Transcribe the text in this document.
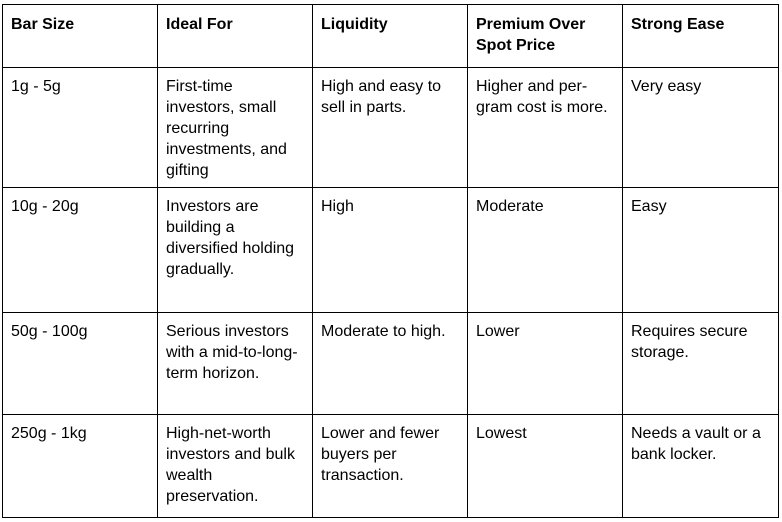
Bar Size	Ideal For	Liquidity	Premium Over Spot Price	Strong Ease
1g - 5g	First-time investors, small recurring investments, and gifting	High and easy to sell in parts.	Higher and per-gram cost is more.	Very easy
10g - 20g	Investors are building a diversified holding gradually.	High	Moderate	Easy
50g - 100g	Serious investors with a mid-to-long-term horizon.	Moderate to high.	Lower	Requires secure storage.
250g - 1kg	High-net-worth investors and bulk wealth preservation.	Lower and fewer buyers per transaction.	Lowest	Needs a vault or a bank locker.
